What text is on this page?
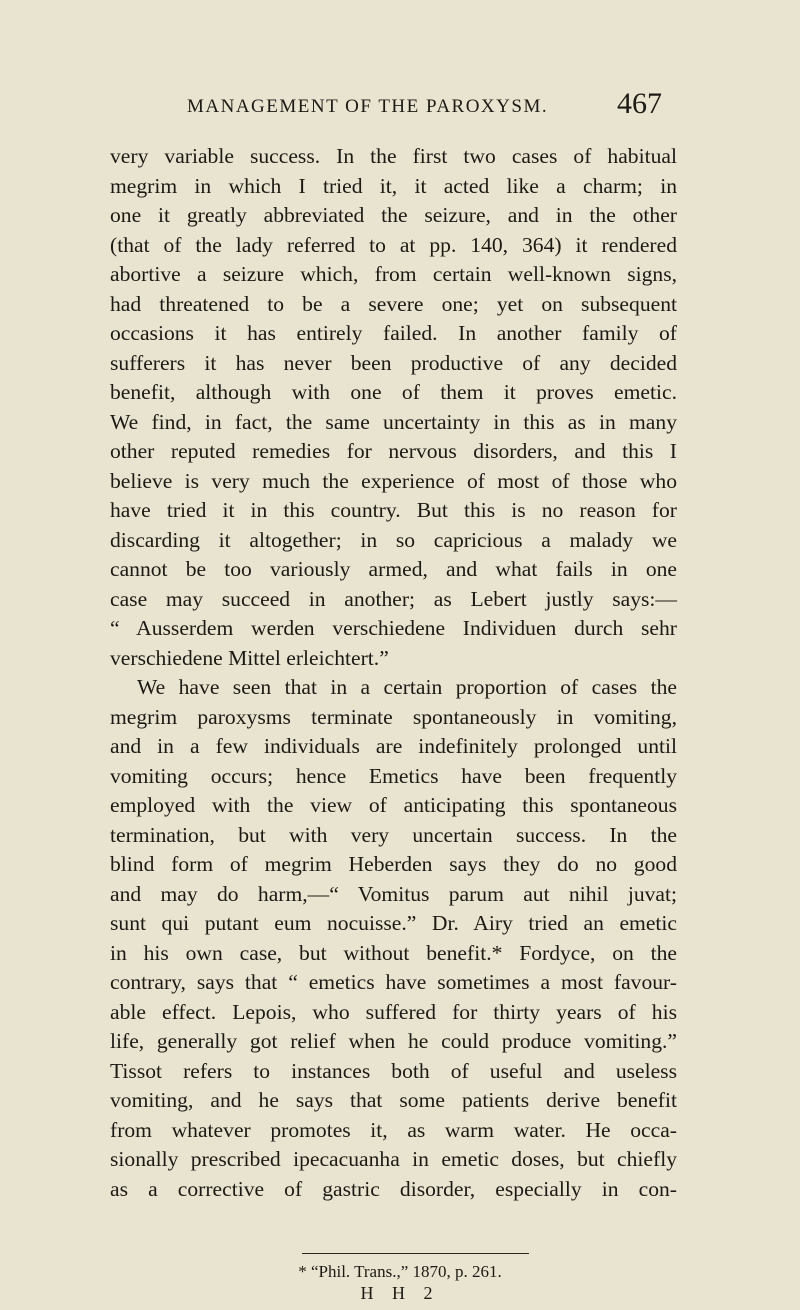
MANAGEMENT OF THE PAROXYSM. 467
very variable success. In the first two cases of habitual
megrim in which I tried it, it acted like a charm; in
one it greatly abbreviated the seizure, and in the other
(that of the lady referred to at pp. 140, 364) it rendered
abortive a seizure which, from certain well-known signs,
had threatened to be a severe one; yet on subsequent
occasions it has entirely failed. In another family of
sufferers it has never been productive of any decided
benefit, although with one of them it proves emetic.
We find, in fact, the same uncertainty in this as in many
other reputed remedies for nervous disorders, and this I
believe is very much the experience of most of those who
have tried it in this country. But this is no reason for
discarding it altogether; in so capricious a malady we
cannot be too variously armed, and what fails in one
case may succeed in another; as Lebert justly says:—
“ Ausserdem werden verschiedene Individuen durch sehr
verschiedene Mittel erleichtert.”
We have seen that in a certain proportion of cases the
megrim paroxysms terminate spontaneously in vomiting,
and in a few individuals are indefinitely prolonged until
vomiting occurs; hence Emetics have been frequently
employed with the view of anticipating this spontaneous
termination, but with very uncertain success. In the
blind form of megrim Heberden says they do no good
and may do harm,—“ Vomitus parum aut nihil juvat;
sunt qui putant eum nocuisse.” Dr. Airy tried an emetic
in his own case, but without benefit.* Fordyce, on the
contrary, says that “ emetics have sometimes a most favour-
able effect. Lepois, who suffered for thirty years of his
life, generally got relief when he could produce vomiting.”
Tissot refers to instances both of useful and useless
vomiting, and he says that some patients derive benefit
from whatever promotes it, as warm water. He occa-
sionally prescribed ipecacuanha in emetic doses, but chiefly
as a corrective of gastric disorder, especially in con-
* “Phil. Trans.,” 1870, p. 261.
H H 2
